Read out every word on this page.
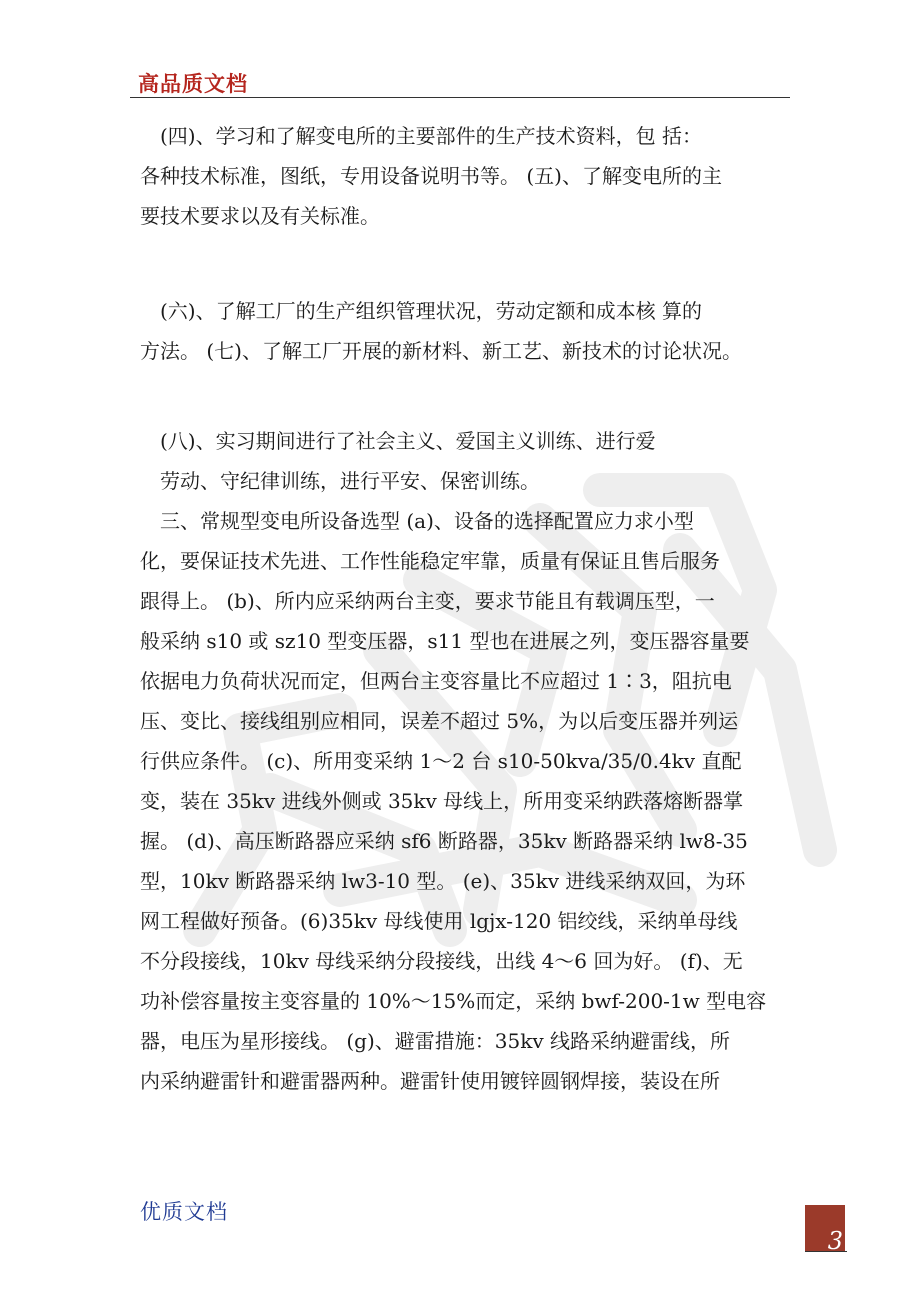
高品质文档
　(四)、学习和了解变电所的主要部件的生产技术资料，包 括：
各种技术标准，图纸，专用设备说明书等。 (五)、了解变电所的主
要技术要求以及有关标准。
　(六)、了解工厂的生产组织管理状况，劳动定额和成本核 算的
方法。 (七)、了解工厂开展的新材料、新工艺、新技术的讨论状况。
　(八)、实习期间进行了社会主义、爱国主义训练、进行爱
　劳动、守纪律训练，进行平安、保密训练。
　三、常规型变电所设备选型 (a)、设备的选择配置应力求小型
化，要保证技术先进、工作性能稳定牢靠，质量有保证且售后服务
跟得上。 (b)、所内应采纳两台主变，要求节能且有载调压型，一
般采纳 s10 或 sz10 型变压器，s11 型也在进展之列，变压器容量要
依据电力负荷状况而定，但两台主变容量比不应超过 1∶3，阻抗电
压、变比、接线组别应相同，误差不超过 5%，为以后变压器并列运
行供应条件。 (c)、所用变采纳 1～2 台 s10-50kva/35/0.4kv 直配
变，装在 35kv 进线外侧或 35kv 母线上，所用变采纳跌落熔断器掌
握。 (d)、高压断路器应采纳 sf6 断路器，35kv 断路器采纳 lw8-35
型，10kv 断路器采纳 lw3-10 型。 (e)、35kv 进线采纳双回，为环
网工程做好预备。(6)35kv 母线使用 lgjx-120 铝绞线，采纳单母线
不分段接线，10kv 母线采纳分段接线，出线 4～6 回为好。 (f)、无
功补偿容量按主变容量的 10%～15%而定，采纳 bwf-200-1w 型电容
器，电压为星形接线。 (g)、避雷措施：35kv 线路采纳避雷线，所
内采纳避雷针和避雷器两种。避雷针使用镀锌圆钢焊接，装设在所
优质文档
3
